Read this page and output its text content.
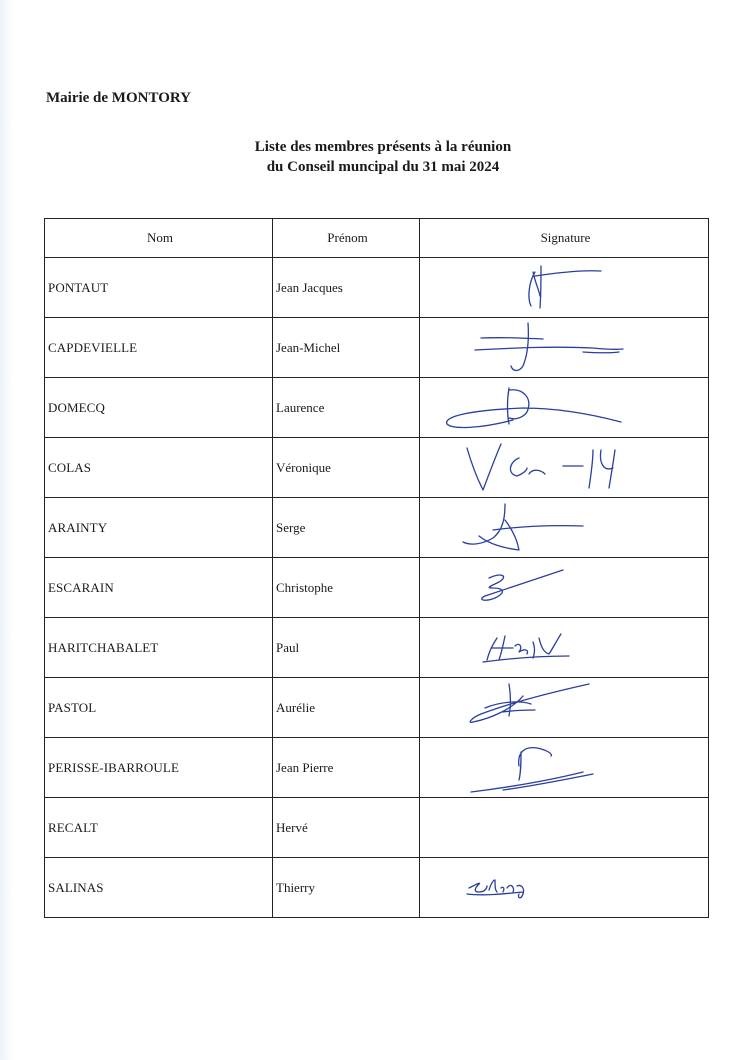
Mairie de MONTORY
Liste des membres présents à la réunion
du Conseil muncipal du 31 mai 2024
Nom	Prénom	Signature
PONTAUT	Jean Jacques	

CAPDEVIELLE	Jean-Michel	

DOMECQ	Laurence	

COLAS	Véronique	

ARAINTY	Serge	

ESCARAIN	Christophe	

HARITCHABALET	Paul	

PASTOL	Aurélie	

PERISSE-IBARROULE	Jean Pierre	

RECALT	Hervé	
SALINAS	Thierry	
